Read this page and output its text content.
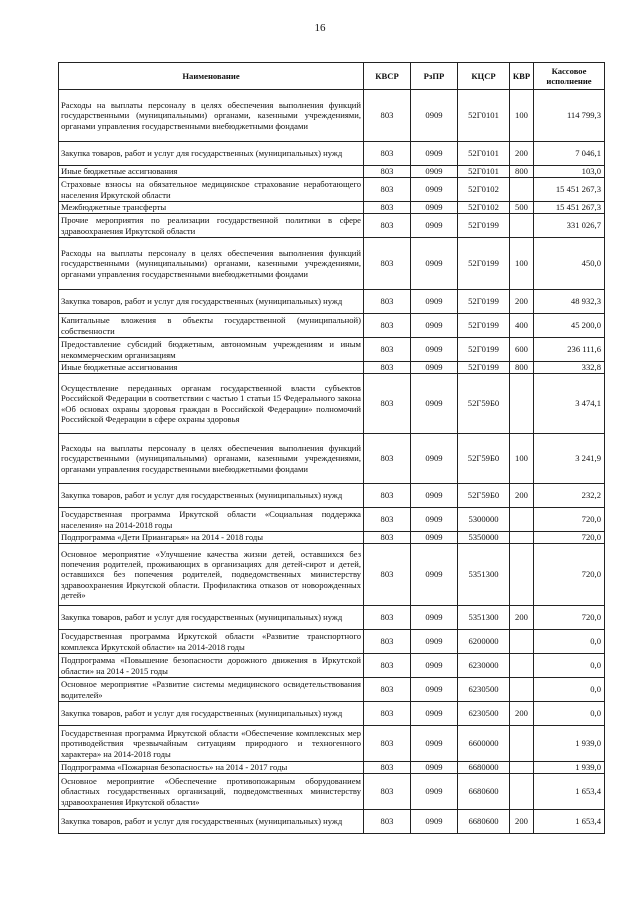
16
Наименование	КВСР	РзПР	КЦСР	КВР	Кассовое исполнение
Расходы на выплаты персоналу в целях обеспечения выполнения функций государственными (муниципальными) органами, казенными учреждениями, органами управления государственными внебюджетными фондами	803	0909	52Г0101	100	114 799,3
Закупка товаров, работ и услуг для государственных (муниципальных) нужд	803	0909	52Г0101	200	7 046,1
Иные бюджетные ассигнования	803	0909	52Г0101	800	103,0
Страховые взносы на обязательное медицинское страхование неработающего населения Иркутской области	803	0909	52Г0102		15 451 267,3
Межбюджетные трансферты	803	0909	52Г0102	500	15 451 267,3
Прочие мероприятия по реализации государственной политики в сфере здравоохранения Иркутской области	803	0909	52Г0199		331 026,7
Расходы на выплаты персоналу в целях обеспечения выполнения функций государственными (муниципальными) органами, казенными учреждениями, органами управления государственными внебюджетными фондами	803	0909	52Г0199	100	450,0
Закупка товаров, работ и услуг для государственных (муниципальных) нужд	803	0909	52Г0199	200	48 932,3
Капитальные вложения в объекты государственной (муниципальной) собственности	803	0909	52Г0199	400	45 200,0
Предоставление субсидий бюджетным, автономным учреждениям и иным некоммерческим организациям	803	0909	52Г0199	600	236 111,6
Иные бюджетные ассигнования	803	0909	52Г0199	800	332,8
Осуществление переданных органам государственной власти субъектов Российской Федерации в соответствии с частью 1 статьи 15 Федерального закона «Об основах охраны здоровья граждан в Российской Федерации» полномочий Российской Федерации в сфере охраны здоровья	803	0909	52Г59Б0		3 474,1
Расходы на выплаты персоналу в целях обеспечения выполнения функций государственными (муниципальными) органами, казенными учреждениями, органами управления государственными внебюджетными фондами	803	0909	52Г59Б0	100	3 241,9
Закупка товаров, работ и услуг для государственных (муниципальных) нужд	803	0909	52Г59Б0	200	232,2
Государственная программа Иркутской области «Социальная поддержка населения» на 2014-2018 годы	803	0909	5300000		720,0
Подпрограмма «Дети Приангарья» на 2014 - 2018 годы	803	0909	5350000		720,0
Основное мероприятие «Улучшение качества жизни детей, оставшихся без попечения родителей, проживающих в организациях для детей-сирот и детей, оставшихся без попечения родителей, подведомственных министерству здравоохранения Иркутской области. Профилактика отказов от новорожденных детей»	803	0909	5351300		720,0
Закупка товаров, работ и услуг для государственных (муниципальных) нужд	803	0909	5351300	200	720,0
Государственная программа Иркутской области «Развитие транспортного комплекса Иркутской области» на 2014-2018 годы	803	0909	6200000		0,0
Подпрограмма «Повышение безопасности дорожного движения в Иркутской области» на 2014 - 2015 годы	803	0909	6230000		0,0
Основное мероприятие «Развитие системы медицинского освидетельствования водителей»	803	0909	6230500		0,0
Закупка товаров, работ и услуг для государственных (муниципальных) нужд	803	0909	6230500	200	0,0
Государственная программа Иркутской области «Обеспечение комплексных мер противодействия чрезвычайным ситуациям природного и техногенного характера» на 2014-2018 годы	803	0909	6600000		1 939,0
Подпрограмма «Пожарная безопасность» на 2014 - 2017 годы	803	0909	6680000		1 939,0
Основное мероприятие «Обеспечение противопожарным оборудованием областных государственных организаций, подведомственных министерству здравоохранения Иркутской области»	803	0909	6680600		1 653,4
Закупка товаров, работ и услуг для государственных (муниципальных) нужд	803	0909	6680600	200	1 653,4
